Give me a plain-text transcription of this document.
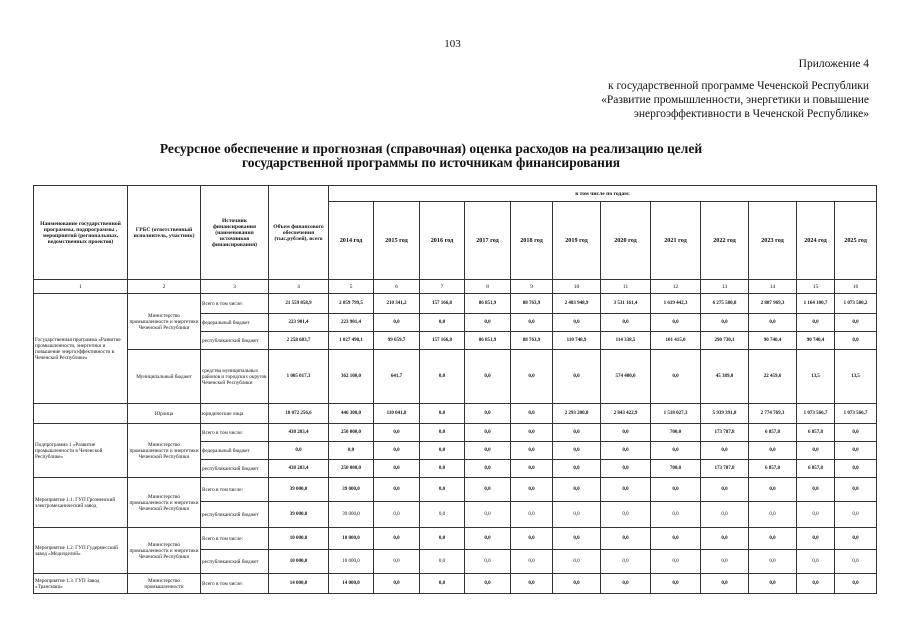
103
Приложение 4
к государственной программе Чеченской Республики
«Развитие промышленности, энергетики и повышение
энергоэффективности в Чеченской Республике»
Ресурсное обеспечение и прогнозная (справочная) оценка расходов на реализацию целей
государственной программы по источникам финансирования
Наименование государственной программы, подпрограммы , мероприятий (региональных, ведомственных проектов)	ГРБС (ответственный исполнитель, участник)	Источник финансирования (наименования источников финансирования)	Объем финансового обеспечения (тыс.рублей), всего	в том числе по годам:											
				2014 год	2015 год	2016 год	2017 год	2018 год	2019 год	2020 год	2021 год	2022 год	2023 год	2024 год	2025 год
1	2	3	4	5	6	7	8	9	10	11	12	13	14	15	16
Государственная программа «Развитие промышленности, энергетики и повышение энергоэффективности в Чеченской Республике»	Министерство промышленности и энергетики Чеченской Республики	Всего в том числе:	21 559 858,9	2 059 799,5	210 341,2	157 166,8	86 851,9	88 763,9	2 403 948,9	3 531 161,4	1 619 442,3	6 275 580,8	2 887 969,3	1 164 100,7	1 073 580,2
		федеральный бюджет	223 901,4	223 901,4	0,0	0,0	0,0	0,0	0,0	0,0	0,0	0,0	0,0	0,0	0,0
		республиканский бюджет	2 258 683,7	1 027 498,1	99 659,7	157 166,8	86 851,9	88 763,9	110 748,9	114 338,5	101 415,0	290 730,1	90 740,4	90 740,4	0,0
	Муниципальный бюджет	средства муниципальных районов и городских округов Чеченской Республики	1 005 017,3	362 100,0	641,7	0,0	0,0	0,0	0,0	574 400,0	0,0	45 389,0	22 459,6	13,5	13,5
	Юрлица	юридические лица	18 072 256,6	446 300,0	110 041,8	0,0	0,0	0,0	2 293 200,0	2 843 422,9	1 518 027,3	5 939 391,8	2 774 769,3	1 073 566,7	1 073 566,7
Подпрограмма 1 «Развитие промышленности в Чеченской Республике»	Министерство промышленности и энергетики Чеченской Республики	Всего в том числе:	438 203,4	250 000,0	0,0	0,0	0,0	0,0	0,0	0,0	700,0	173 787,8	6 857,8	6 857,8	0,0
		федеральный бюджет	0,0	0,0	0,0	0,0	0,0	0,0	0,0	0,0	0,0	0,0	0,0	0,0	0,0
		республиканский бюджет	438 203,4	250 000,0	0,0	0,0	0,0	0,0	0,0	0,0	700,0	173 787,8	6 857,8	6 857,8	0,0
Мероприятие 1.1. ГУП Грозненский электромеханический завод	Министерство промышленности и энергетики Чеченской Республики	Всего в том числе:	39 000,0	39 000,0	0,0	0,0	0,0	0,0	0,0	0,0	0,0	0,0	0,0	0,0	0,0
		республиканский бюджет	39 000,0	39 000,0	0,0	0,0	0,0	0,0	0,0	0,0	0,0	0,0	0,0	0,0	0,0
Мероприятие 1.2. ГУП Гудермесский завод «Медизделий»	Министерство промышленности и энергетики Чеченской Республики	Всего в том числе:	10 000,0	10 000,0	0,0	0,0	0,0	0,0	0,0	0,0	0,0	0,0	0,0	0,0	0,0
		республиканский бюджет	10 000,0	10 000,0	0,0	0,0	0,0	0,0	0,0	0,0	0,0	0,0	0,0	0,0	0,0
Мероприятие 1.3. ГУП Завод «Трансмаш»	Министерство промышленности	Всего в том числе:	14 000,0	14 000,0	0,0	0,0	0,0	0,0	0,0	0,0	0,0	0,0	0,0	0,0	0,0
